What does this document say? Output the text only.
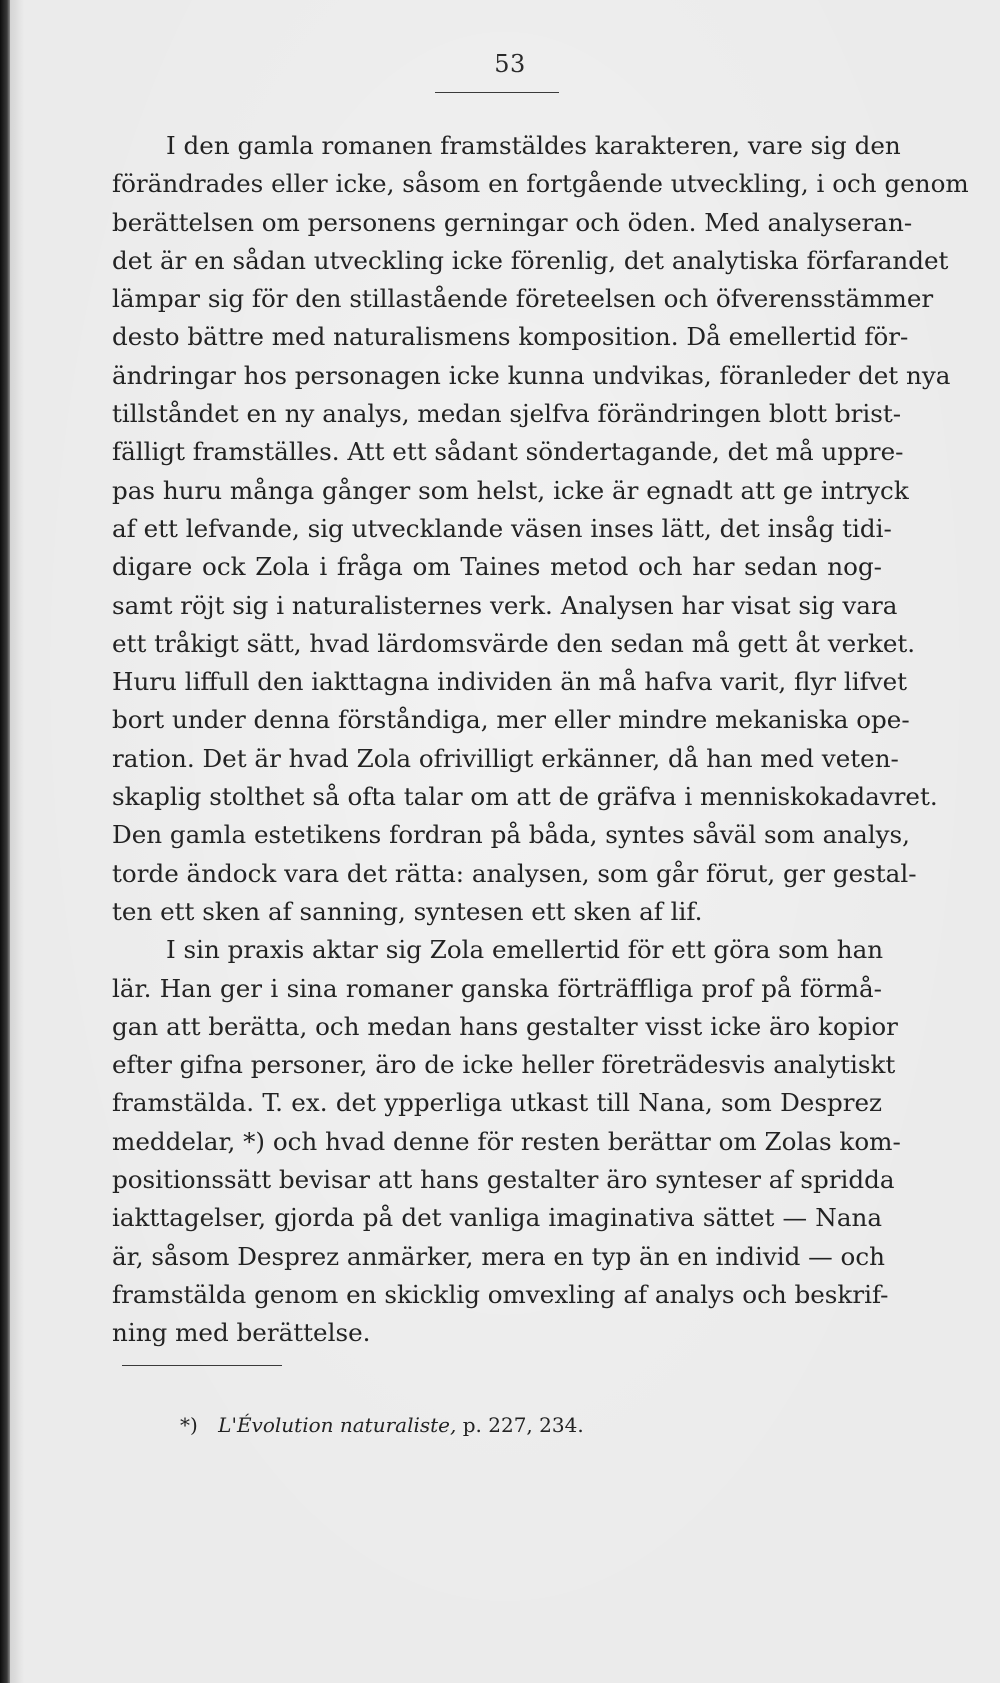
53
I den gamla romanen framstäldes karakteren, vare sig den
förändrades eller icke, såsom en fortgående utveckling, i och genom
berättelsen om personens gerningar och öden. Med analyseran-
det är en sådan utveckling icke förenlig, det analytiska förfarandet
lämpar sig för den stillastående företeelsen och öfverensstämmer
desto bättre med naturalismens komposition. Då emellertid för-
ändringar hos personagen icke kunna undvikas, föranleder det nya
tillståndet en ny analys, medan sjelfva förändringen blott brist-
fälligt framställes. Att ett sådant söndertagande, det må uppre-
pas huru många gånger som helst, icke är egnadt att ge intryck
af ett lefvande, sig utvecklande väsen inses lätt, det insåg tidi-
digare ock Zola i fråga om Taines metod och har sedan nog-
samt röjt sig i naturalisternes verk. Analysen har visat sig vara
ett tråkigt sätt, hvad lärdomsvärde den sedan må gett åt verket.
Huru liffull den iakttagna individen än må hafva varit, flyr lifvet
bort under denna förståndiga, mer eller mindre mekaniska ope-
ration. Det är hvad Zola ofrivilligt erkänner, då han med veten-
skaplig stolthet så ofta talar om att de gräfva i menniskokadavret.
Den gamla estetikens fordran på båda, syntes såväl som analys,
torde ändock vara det rätta: analysen, som går förut, ger gestal-
ten ett sken af sanning, syntesen ett sken af lif.
I sin praxis aktar sig Zola emellertid för ett göra som han
lär. Han ger i sina romaner ganska förträffliga prof på förmå-
gan att berätta, och medan hans gestalter visst icke äro kopior
efter gifna personer, äro de icke heller företrädesvis analytiskt
framstälda. T. ex. det ypperliga utkast till Nana, som Desprez
meddelar, *) och hvad denne för resten berättar om Zolas kom-
positionssätt bevisar att hans gestalter äro synteser af spridda
iakttagelser, gjorda på det vanliga imaginativa sättet — Nana
är, såsom Desprez anmärker, mera en typ än en individ — och
framstälda genom en skicklig omvexling af analys och beskrif-
ning med berättelse.
*) L'Évolution naturaliste, p. 227, 234.
